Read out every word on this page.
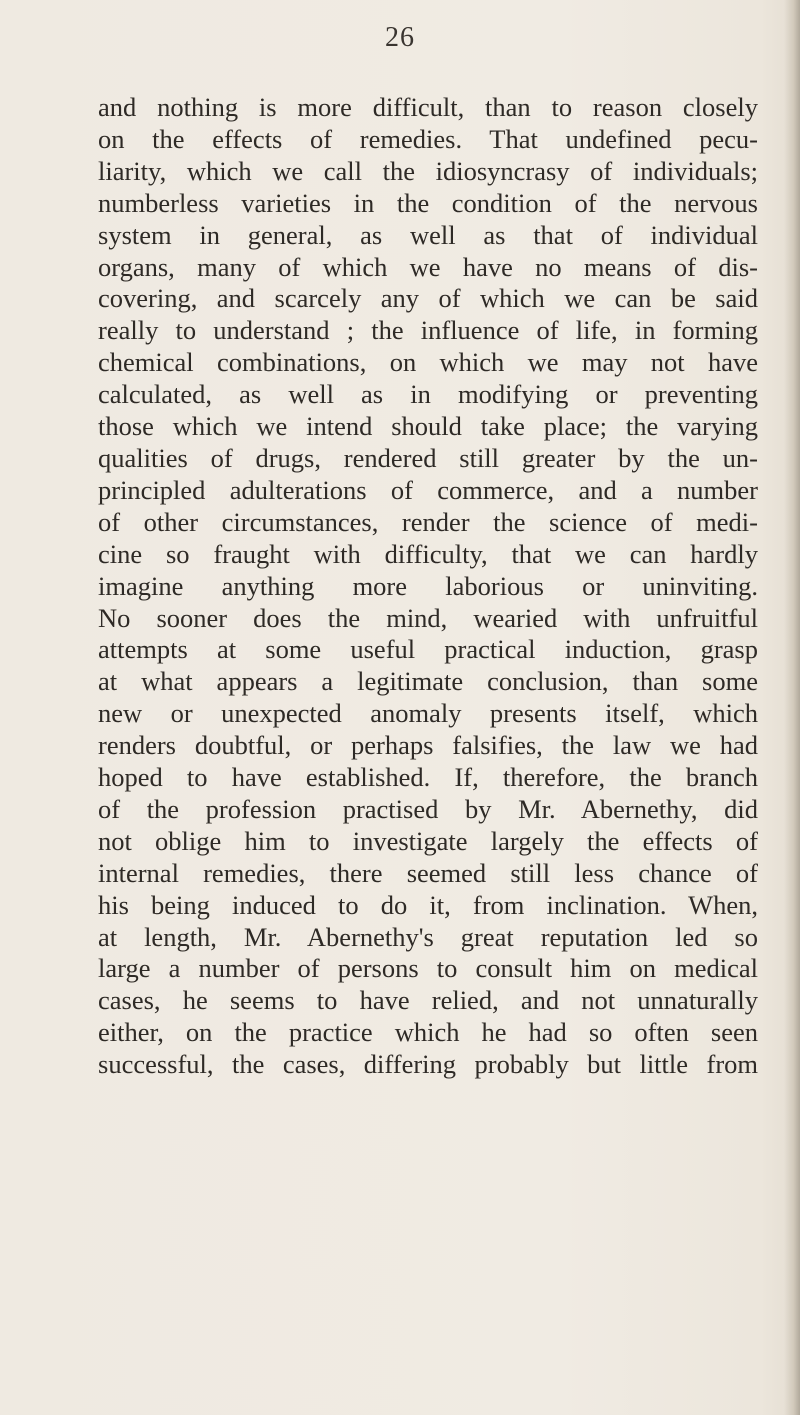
26
and nothing is more difficult, than to reason closely
on the effects of remedies. That undefined pecu-
liarity, which we call the idiosyncrasy of individuals;
numberless varieties in the condition of the nervous
system in general, as well as that of individual
organs, many of which we have no means of dis-
covering, and scarcely any of which we can be said
really to understand ; the influence of life, in forming
chemical combinations, on which we may not have
calculated, as well as in modifying or preventing
those which we intend should take place; the varying
qualities of drugs, rendered still greater by the un-
principled adulterations of commerce, and a number
of other circumstances, render the science of medi-
cine so fraught with difficulty, that we can hardly
imagine anything more laborious or uninviting.
No sooner does the mind, wearied with unfruitful
attempts at some useful practical induction, grasp
at what appears a legitimate conclusion, than some
new or unexpected anomaly presents itself, which
renders doubtful, or perhaps falsifies, the law we had
hoped to have established. If, therefore, the branch
of the profession practised by Mr. Abernethy, did
not oblige him to investigate largely the effects of
internal remedies, there seemed still less chance of
his being induced to do it, from inclination. When,
at length, Mr. Abernethy's great reputation led so
large a number of persons to consult him on medical
cases, he seems to have relied, and not unnaturally
either, on the practice which he had so often seen
successful, the cases, differing probably but little from
